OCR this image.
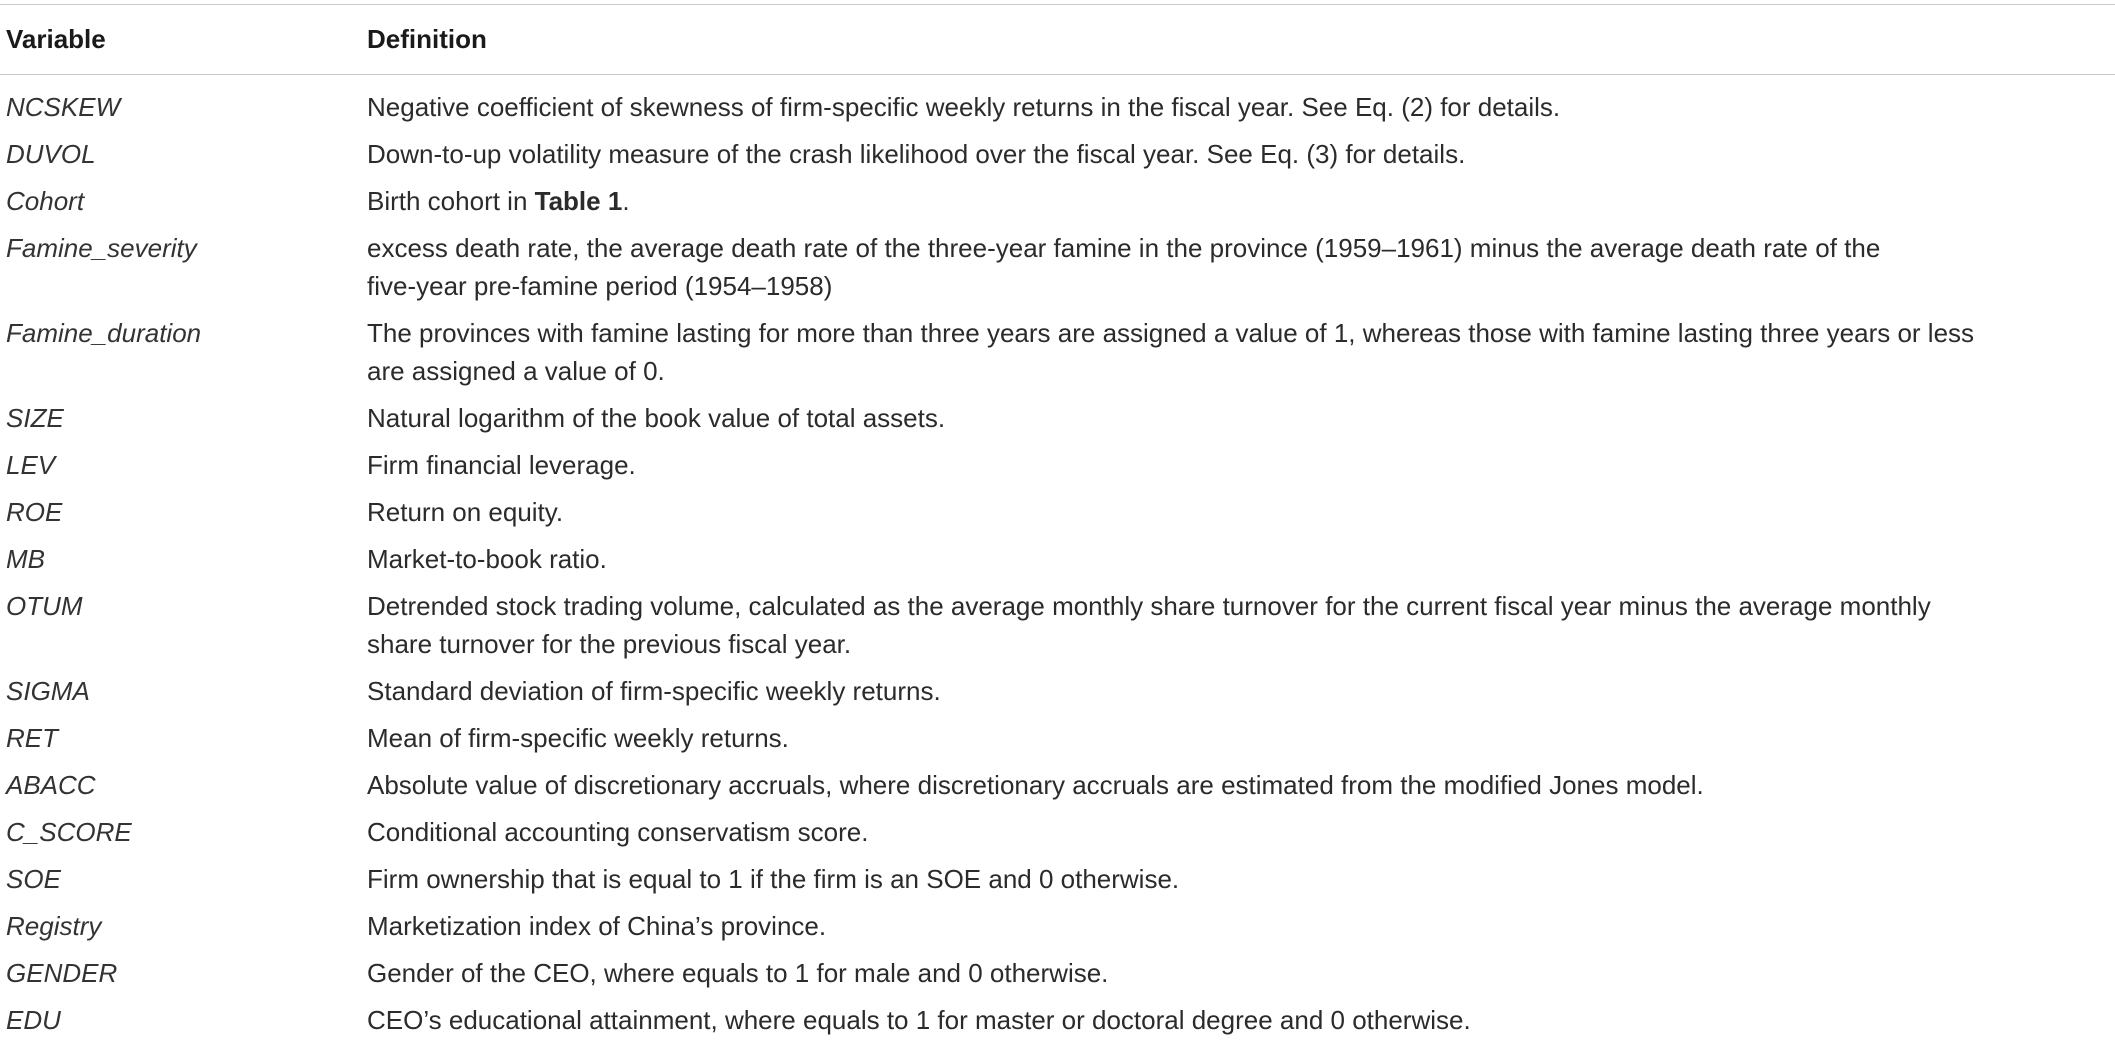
Variable	Definition
NCSKEW	Negative coefficient of skewness of firm-specific weekly returns in the fiscal year. See Eq. (2) for details.
DUVOL	Down-to-up volatility measure of the crash likelihood over the fiscal year. See Eq. (3) for details.
Cohort	Birth cohort in Table 1.
Famine_severity	excess death rate, the average death rate of the three-year famine in the province (1959–1961) minus the average death rate of the
five-year pre-famine period (1954–1958)
Famine_duration	The provinces with famine lasting for more than three years are assigned a value of 1, whereas those with famine lasting three years or less
are assigned a value of 0.
SIZE	Natural logarithm of the book value of total assets.
LEV	Firm financial leverage.
ROE	Return on equity.
MB	Market-to-book ratio.
OTUM	Detrended stock trading volume, calculated as the average monthly share turnover for the current fiscal year minus the average monthly
share turnover for the previous fiscal year.
SIGMA	Standard deviation of firm-specific weekly returns.
RET	Mean of firm-specific weekly returns.
ABACC	Absolute value of discretionary accruals, where discretionary accruals are estimated from the modified Jones model.
C_SCORE	Conditional accounting conservatism score.
SOE	Firm ownership that is equal to 1 if the firm is an SOE and 0 otherwise.
Registry	Marketization index of China’s province.
GENDER	Gender of the CEO, where equals to 1 for male and 0 otherwise.
EDU	CEO’s educational attainment, where equals to 1 for master or doctoral degree and 0 otherwise.
